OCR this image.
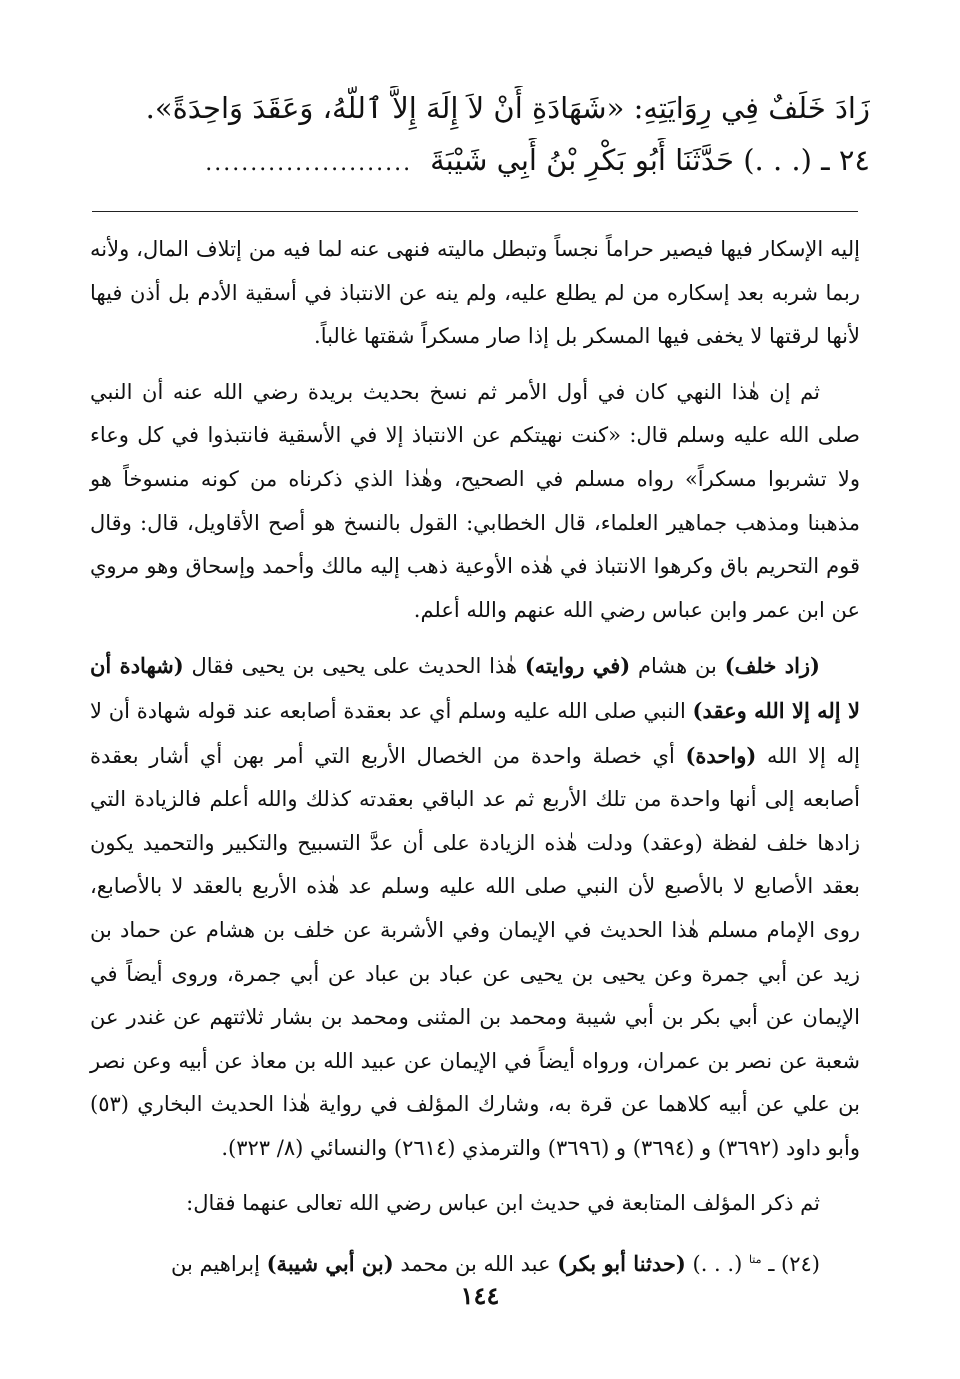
زَادَ خَلَفٌ فِي رِوَايَتِهِ: «شَهَادَةِ أَنْ لاَ إِلَهَ إِلاَّ ٱللَّهُ، وَعَقَدَ وَاحِدَةً».
٢٤ ـ (. . .) حَدَّثَنَا أَبُو بَكْرِ بْنُ أَبِي شَيْبَةَ.......................

إليه الإسكار فيها فيصير حراماً نجساً وتبطل ماليته فنهى عنه لما فيه من إتلاف المال، ولأنه ربما شربه بعد إسكاره من لم يطلع عليه، ولم ينه عن الانتباذ في أسقية الأدم بل أذن فيها لأنها لرقتها لا يخفى فيها المسكر بل إذا صار مسكراً شقتها غالباً.

ثم إن هٰذا النهي كان في أول الأمر ثم نسخ بحديث بريدة رضي الله عنه أن النبي صلى الله عليه وسلم قال: «كنت نهيتكم عن الانتباذ إلا في الأسقية فانتبذوا في كل وعاء ولا تشربوا مسكراً» رواه مسلم في الصحيح، وهٰذا الذي ذكرناه من كونه منسوخاً هو مذهبنا ومذهب جماهير العلماء، قال الخطابي: القول بالنسخ هو أصح الأقاويل، قال: وقال قوم التحريم باق وكرهوا الانتباذ في هٰذه الأوعية ذهب إليه مالك وأحمد وإسحاق وهو مروي عن ابن عمر وابن عباس رضي الله عنهم والله أعلم.

(زاد خلف) بن هشام (في روايته) هٰذا الحديث على يحيى بن يحيى فقال (شهادة أن لا إله إلا الله وعقد) النبي صلى الله عليه وسلم أي عد بعقدة أصابعه عند قوله شهادة أن لا إله إلا الله (واحدة) أي خصلة واحدة من الخصال الأربع التي أمر بهن أي أشار بعقدة أصابعه إلى أنها واحدة من تلك الأربع ثم عد الباقي بعقدته كذلك والله أعلم فالزيادة التي زادها خلف لفظة (وعقد) ودلت هٰذه الزيادة على أن عدَّ التسبيح والتكبير والتحميد يكون بعقد الأصابع لا بالأصبع لأن النبي صلى الله عليه وسلم عد هٰذه الأربع بالعقد لا بالأصابع، روى الإمام مسلم هٰذا الحديث في الإيمان وفي الأشربة عن خلف بن هشام عن حماد بن زيد عن أبي جمرة وعن يحيى بن يحيى عن عباد بن عباد عن أبي جمرة، وروى أيضاً في الإيمان عن أبي بكر بن أبي شيبة ومحمد بن المثنى ومحمد بن بشار ثلاثتهم عن غندر عن شعبة عن نصر بن عمران، ورواه أيضاً في الإيمان عن عبيد الله بن معاذ عن أبيه وعن نصر بن علي عن أبيه كلاهما عن قرة به، وشارك المؤلف في رواية هٰذا الحديث البخاري (٥٣) وأبو داود (٣٦٩٢) و (٣٦٩٤) و (٣٦٩٦) والترمذي (٢٦١٤) والنسائي (٨/ ٣٢٣).

ثم ذكر المؤلف المتابعة في حديث ابن عباس رضي الله تعالى عنهما فقال:

(٢٤) ـ $^{متا}$ (. . .) (حدثنا أبو بكر) عبد الله بن محمد (بن أبي شيبة) إبراهيم بن

١٤٤
